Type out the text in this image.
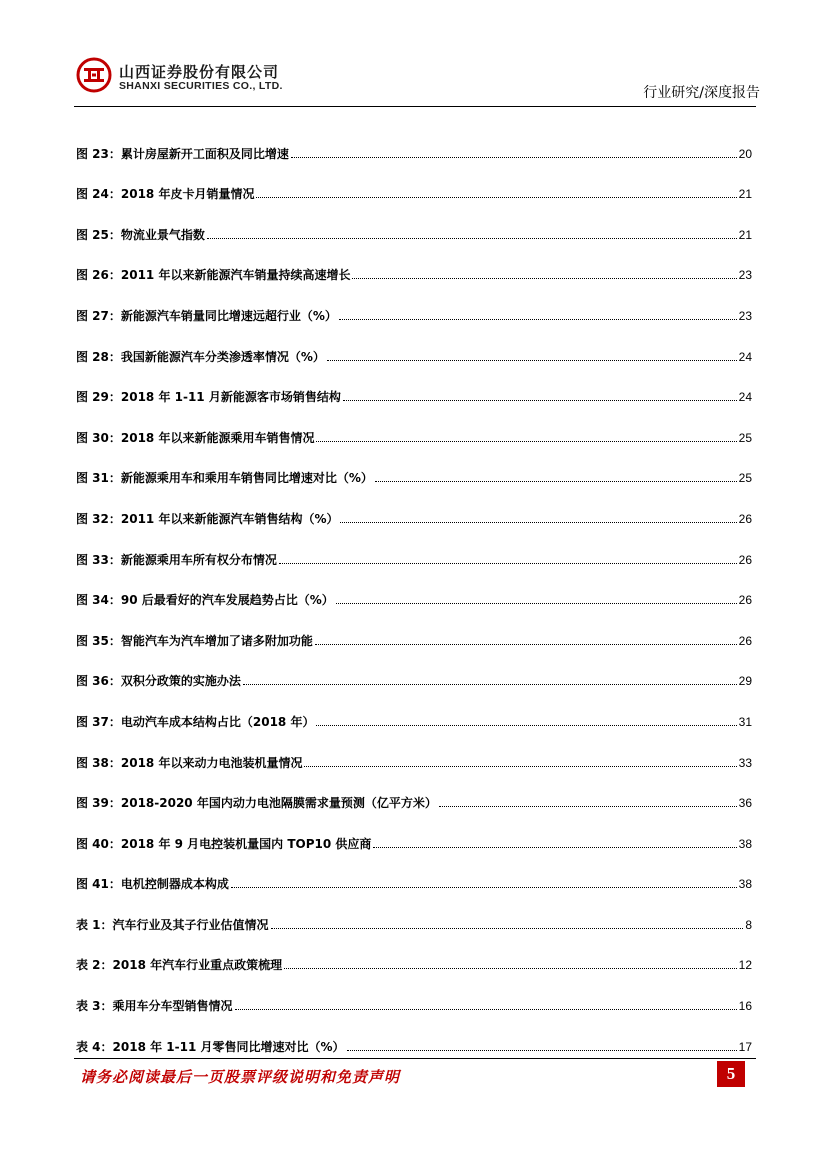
山西证券股份有限公司
SHANXI SECURITIES CO., LTD.	行业研究/深度报告
图 23：累计房屋新开工面积及同比增速	20
图 24：2018 年皮卡月销量情况	21
图 25：物流业景气指数	21
图 26：2011 年以来新能源汽车销量持续高速增长	23
图 27：新能源汽车销量同比增速远超行业（%）	23
图 28：我国新能源汽车分类渗透率情况（%）	24
图 29：2018 年 1-11 月新能源客市场销售结构	24
图 30：2018 年以来新能源乘用车销售情况	25
图 31：新能源乘用车和乘用车销售同比增速对比（%）	25
图 32：2011 年以来新能源汽车销售结构（%）	26
图 33：新能源乘用车所有权分布情况	26
图 34：90 后最看好的汽车发展趋势占比（%）	26
图 35：智能汽车为汽车增加了诸多附加功能	26
图 36：双积分政策的实施办法	29
图 37：电动汽车成本结构占比（2018 年）	31
图 38：2018 年以来动力电池装机量情况	33
图 39：2018-2020 年国内动力电池隔膜需求量预测（亿平方米）	36
图 40：2018 年 9 月电控装机量国内 TOP10 供应商	38
图 41：电机控制器成本构成	38
表 1：汽车行业及其子行业估值情况	8
表 2：2018 年汽车行业重点政策梳理	12
表 3：乘用车分车型销售情况	16
表 4：2018 年 1-11 月零售同比增速对比（%）	17
请务必阅读最后一页股票评级说明和免责声明	5
